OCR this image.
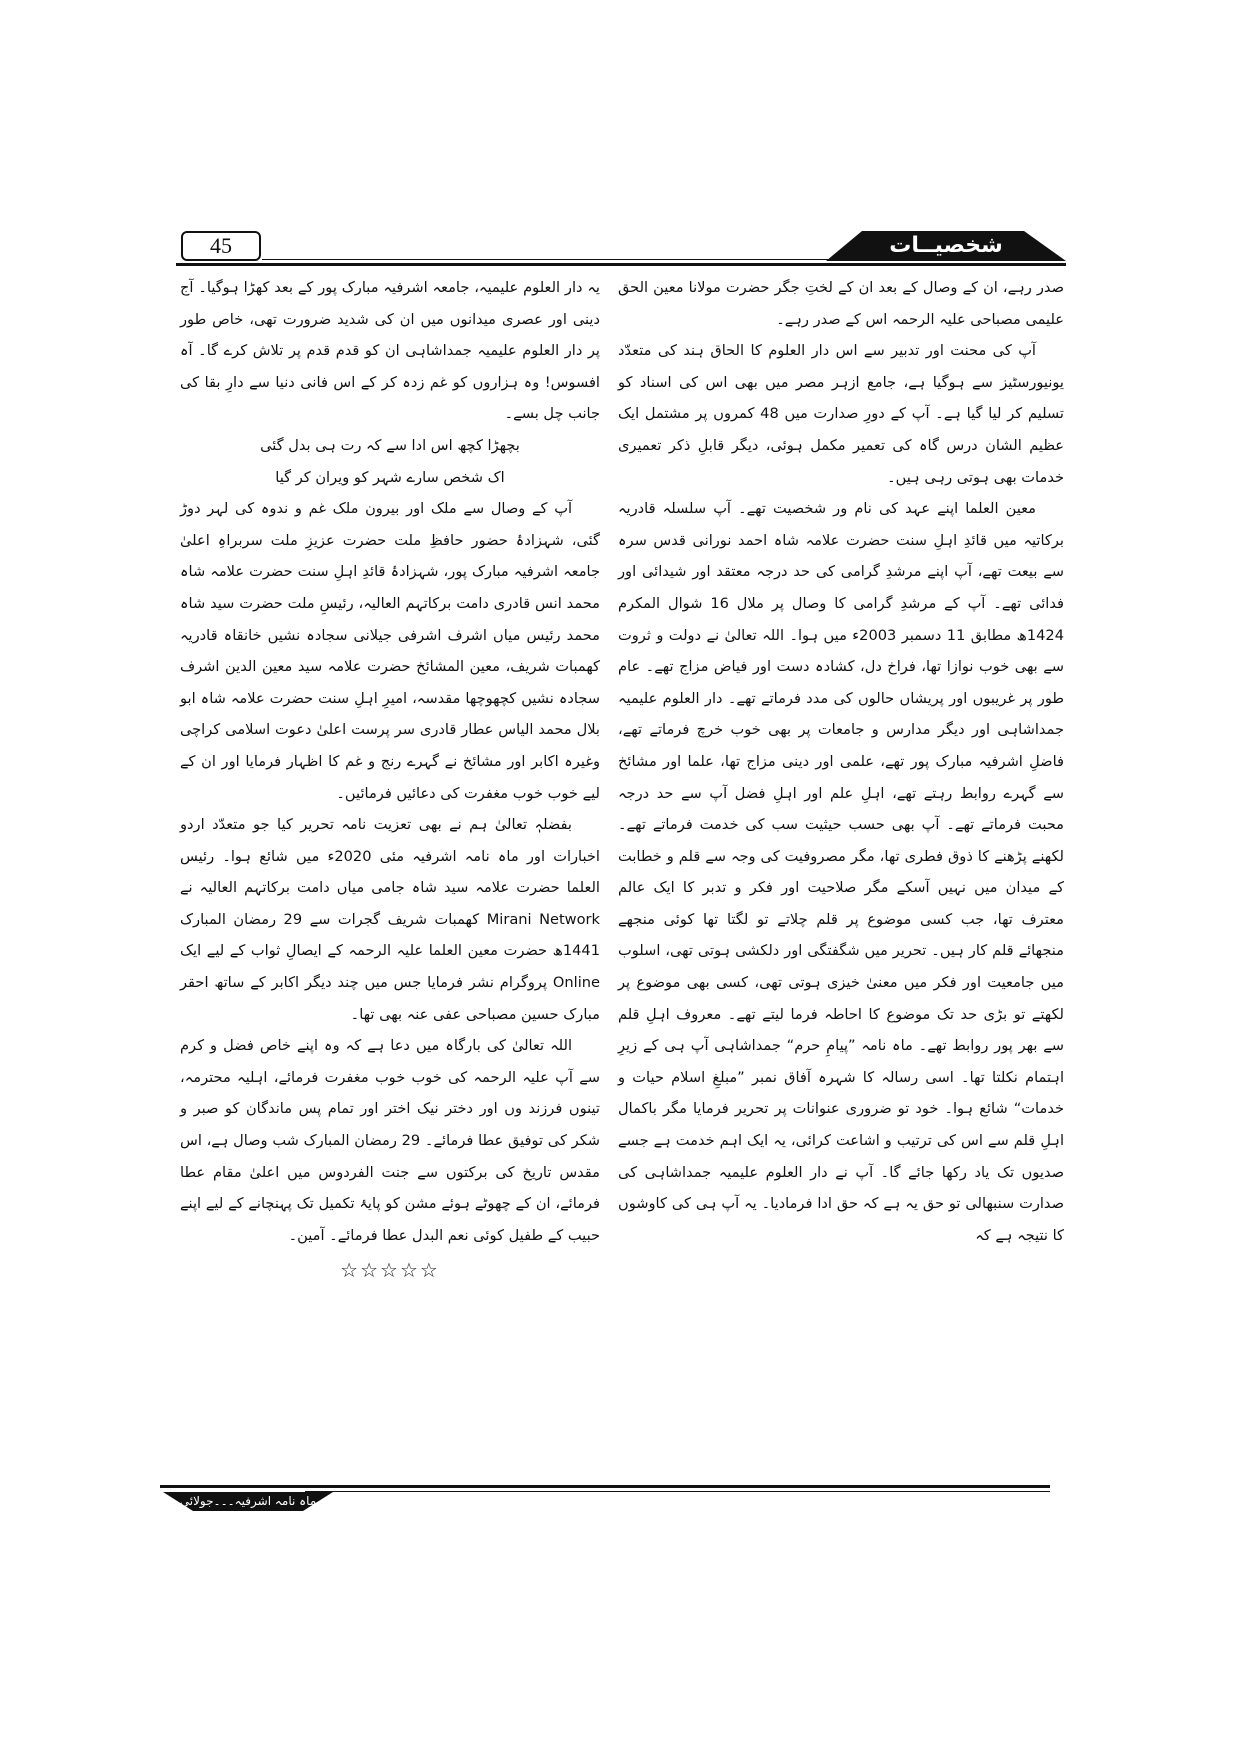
45	شخصیــات

صدر رہے، ان کے وصال کے بعد ان کے لختِ جگر حضرت مولانا معین الحق علیمی مصباحی علیہ الرحمہ اس کے صدر رہے۔

آپ کی محنت اور تدبیر سے اس دار العلوم کا الحاق ہند کی متعدّد یونیورسٹیز سے ہوگیا ہے، جامع ازہر مصر میں بھی اس کی اسناد کو تسلیم کر لیا گیا ہے۔ آپ کے دورِ صدارت میں 48 کمروں پر مشتمل ایک عظیم الشان درس گاہ کی تعمیر مکمل ہوئی، دیگر قابلِ ذکر تعمیری خدمات بھی ہوتی رہی ہیں۔

معین العلما اپنے عہد کی نام ور شخصیت تھے۔ آپ سلسلہ قادریہ برکاتیہ میں قائدِ اہلِ سنت حضرت علامہ شاہ احمد نورانی قدس سرہ سے بیعت تھے، آپ اپنے مرشدِ گرامی کی حد درجہ معتقد اور شیدائی اور فدائی تھے۔ آپ کے مرشدِ گرامی کا وصال پر ملال 16 شوال المکرم 1424ھ مطابق 11 دسمبر 2003ء میں ہوا۔ اللہ تعالیٰ نے دولت و ثروت سے بھی خوب نوازا تھا، فراخ دل، کشادہ دست اور فیاض مزاج تھے۔ عام طور پر غریبوں اور پریشاں حالوں کی مدد فرماتے تھے۔ دار العلوم علیمیہ جمداشاہی اور دیگر مدارس و جامعات پر بھی خوب خرچ فرماتے تھے، فاضلِ اشرفیہ مبارک پور تھے، علمی اور دینی مزاج تھا، علما اور مشائخ سے گہرے روابط رہتے تھے، اہلِ علم اور اہلِ فضل آپ سے حد درجہ محبت فرماتے تھے۔ آپ بھی حسب حیثیت سب کی خدمت فرماتے تھے۔ لکھنے پڑھنے کا ذوق فطری تھا، مگر مصروفیت کی وجہ سے قلم و خطابت کے میدان میں نہیں آسکے مگر صلاحیت اور فکر و تدبر کا ایک عالم معترف تھا، جب کسی موضوع پر قلم چلاتے تو لگتا تھا کوئی منجھے منجھائے قلم کار ہیں۔ تحریر میں شگفتگی اور دلکشی ہوتی تھی، اسلوب میں جامعیت اور فکر میں معنیٰ خیزی ہوتی تھی، کسی بھی موضوع پر لکھتے تو بڑی حد تک موضوع کا احاطہ فرما لیتے تھے۔ معروف اہلِ قلم سے بھر پور روابط تھے۔ ماہ نامہ ”پیامِ حرم“ جمداشاہی آپ ہی کے زیرِ اہتمام نکلتا تھا۔ اسی رسالہ کا شہرہ آفاق نمبر ”مبلغِ اسلام حیات و خدمات“ شائع ہوا۔ خود تو ضروری عنوانات پر تحریر فرمایا مگر باکمال اہلِ قلم سے اس کی ترتیب و اشاعت کرائی، یہ ایک اہم خدمت ہے جسے صدیوں تک یاد رکھا جائے گا۔ آپ نے دار العلوم علیمیہ جمداشاہی کی صدارت سنبھالی تو حق یہ ہے کہ حق ادا فرمادیا۔ یہ آپ ہی کی کاوشوں کا نتیجہ ہے کہ

یہ دار العلوم علیمیہ، جامعہ اشرفیہ مبارک پور کے بعد کھڑا ہوگیا۔ آج دینی اور عصری میدانوں میں ان کی شدید ضرورت تھی، خاص طور پر دار العلوم علیمیہ جمداشاہی ان کو قدم قدم پر تلاش کرے گا۔ آہ افسوس! وہ ہزاروں کو غم زدہ کر کے اس فانی دنیا سے دارِ بقا کی جانب چل بسے۔

بچھڑا کچھ اس ادا سے کہ رت ہی بدل گئی

اک شخص سارے شہر کو ویران کر گیا

آپ کے وصال سے ملک اور بیرون ملک غم و ندوہ کی لہر دوڑ گئی، شہزادۂ حضور حافظِ ملت حضرت عزیزِ ملت سربراہِ اعلیٰ جامعہ اشرفیہ مبارک پور، شہزادۂ قائدِ اہلِ سنت حضرت علامہ شاہ محمد انس قادری دامت برکاتہم العالیہ، رئیسِ ملت حضرت سید شاہ محمد رئیس میاں اشرف اشرفی جیلانی سجادہ نشیں خانقاہ قادریہ کھمبات شریف، معین المشائخ حضرت علامہ سید معین الدین اشرف سجادہ نشیں کچھوچھا مقدسہ، امیرِ اہلِ سنت حضرت علامہ شاہ ابو بلال محمد الیاس عطار قادری سر پرست اعلیٰ دعوت اسلامی کراچی وغیرہ اکابر اور مشائخ نے گہرے رنج و غم کا اظہار فرمایا اور ان کے لیے خوب خوب مغفرت کی دعائیں فرمائیں۔

بفضلہٖ تعالیٰ ہم نے بھی تعزیت نامہ تحریر کیا جو متعدّد اردو اخبارات اور ماہ نامہ اشرفیہ مئی 2020ء میں شائع ہوا۔ رئیس العلما حضرت علامہ سید شاہ جامی میاں دامت برکاتہم العالیہ نے Mirani Network کھمبات شریف گجرات سے 29 رمضان المبارک 1441ھ حضرت معین العلما علیہ الرحمہ کے ایصالِ ثواب کے لیے ایک Online پروگرام نشر فرمایا جس میں چند دیگر اکابر کے ساتھ احقر مبارک حسین مصباحی عفی عنہ بھی تھا۔

اللہ تعالیٰ کی بارگاہ میں دعا ہے کہ وہ اپنے خاص فضل و کرم سے آپ علیہ الرحمہ کی خوب خوب مغفرت فرمائے، اہلیہ محترمہ، تینوں فرزند وں اور دختر نیک اختر اور تمام پس ماندگان کو صبر و شکر کی توفیق عطا فرمائے۔ 29 رمضان المبارک شب وصال ہے، اس مقدس تاریخ کی برکتوں سے جنت الفردوس میں اعلیٰ مقام عطا فرمائے، ان کے چھوٹے ہوئے مشن کو پایۂ تکمیل تک پہنچانے کے لیے اپنے حبیب کے طفیل کوئی نعم البدل عطا فرمائے۔ آمین۔

☆☆☆☆☆
ماہ نامہ اشرفیہ۔۔۔جولائی 2020ء
